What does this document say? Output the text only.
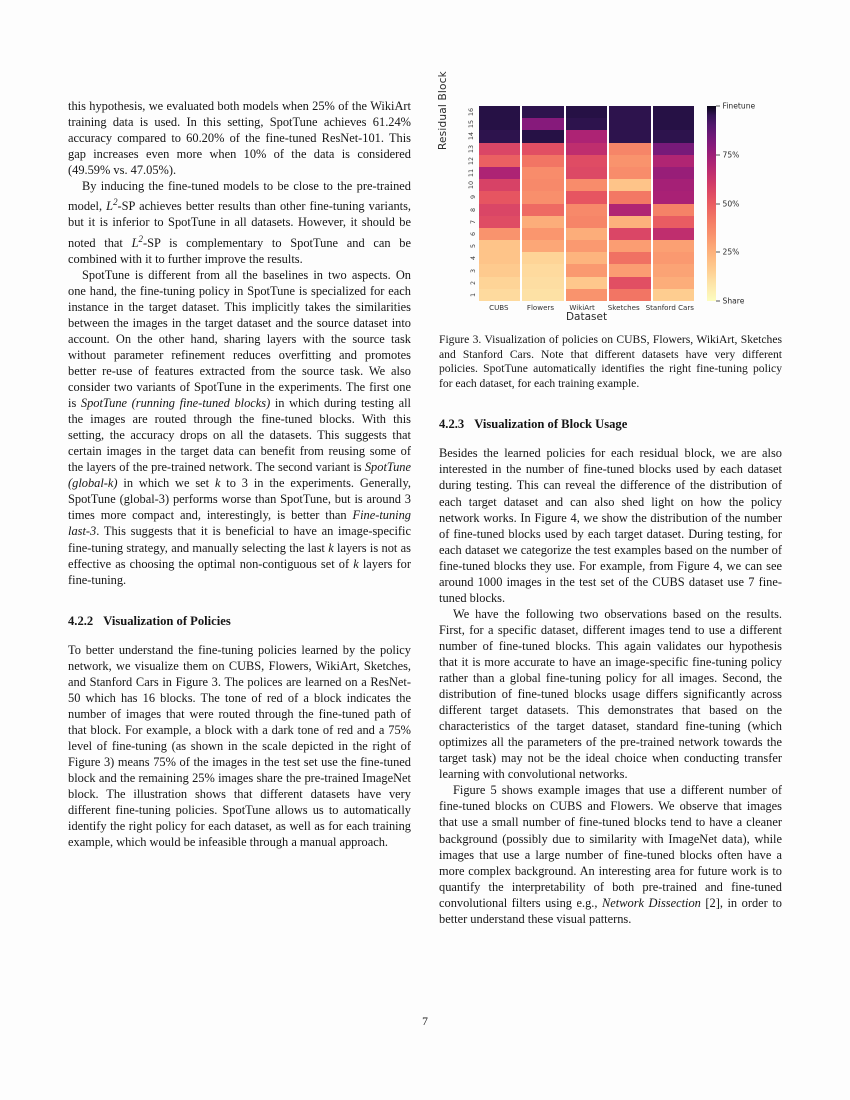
this hypothesis, we evaluated both models when 25% of the WikiArt training data is used. In this setting, SpotTune achieves 61.24% accuracy compared to 60.20% of the fine-tuned ResNet-101. This gap increases even more when 10% of the data is considered (49.59% vs. 47.05%).

By inducing the fine-tuned models to be close to the pre-trained model, $L^2-SP$ achieves better results than other fine-tuning variants, but it is inferior to SpotTune in all datasets. However, it should be noted that $L^2-SP$ is complementary to SpotTune and can be combined with it to further improve the results.

SpotTune is different from all the baselines in two aspects. On one hand, the fine-tuning policy in SpotTune is specialized for each instance in the target dataset. This implicitly takes the similarities between the images in the target dataset and the source dataset into account. On the other hand, sharing layers with the source task without parameter refinement reduces overfitting and promotes better re-use of features extracted from the source task. We also consider two variants of SpotTune in the experiments. The first one is SpotTune (running fine-tuned blocks) in which during testing all the images are routed through the fine-tuned blocks. With this setting, the accuracy drops on all the datasets. This suggests that certain images in the target data can benefit from reusing some of the layers of the pre-trained network. The second variant is SpotTune (global-k) in which we set k to 3 in the experiments. Generally, SpotTune (global-3) performs worse than SpotTune, but is around 3 times more compact and, interestingly, is better than Fine-tuning last-3. This suggests that it is beneficial to have an image-specific fine-tuning strategy, and manually selecting the last k layers is not as effective as choosing the optimal non-contiguous set of k layers for fine-tuning.

4.2.2 Visualization of Policies

To better understand the fine-tuning policies learned by the policy network, we visualize them on CUBS, Flowers, WikiArt, Sketches, and Stanford Cars in Figure 3. The polices are learned on a ResNet-50 which has 16 blocks. The tone of red of a block indicates the number of images that were routed through the fine-tuned path of that block. For example, a block with a dark tone of red and a 75% level of fine-tuning (as shown in the scale depicted in the right of Figure 3) means 75% of the images in the test set use the fine-tuned block and the remaining 25% images share the pre-trained ImageNet block. The illustration shows that different datasets have very different fine-tuning policies. SpotTune allows us to automatically identify the right policy for each dataset, as well as for each training example, which would be infeasible through a manual approach.

Residual Block
1
2
3
4
5
6
7
8
9
10
11
12
13
14
15
16
CUBS	Flowers	WikiArt	Sketches Stanford Cars
Dataset
Share
25%
50%
75%
Finetune

Figure 3. Visualization of policies on CUBS, Flowers, WikiArt, Sketches and Stanford Cars. Note that different datasets have very different policies. SpotTune automatically identifies the right fine-tuning policy for each dataset, for each training example.

4.2.3 Visualization of Block Usage

Besides the learned policies for each residual block, we are also interested in the number of fine-tuned blocks used by each dataset during testing. This can reveal the difference of the distribution of each target dataset and can also shed light on how the policy network works. In Figure 4, we show the distribution of the number of fine-tuned blocks used by each target dataset. During testing, for each dataset we categorize the test examples based on the number of fine-tuned blocks they use. For example, from Figure 4, we can see around 1000 images in the test set of the CUBS dataset use 7 fine-tuned blocks.

We have the following two observations based on the results. First, for a specific dataset, different images tend to use a different number of fine-tuned blocks. This again validates our hypothesis that it is more accurate to have an image-specific fine-tuning policy rather than a global fine-tuning policy for all images. Second, the distribution of fine-tuned blocks usage differs significantly across different target datasets. This demonstrates that based on the characteristics of the target dataset, standard fine-tuning (which optimizes all the parameters of the pre-trained network towards the target task) may not be the ideal choice when conducting transfer learning with convolutional networks.

Figure 5 shows example images that use a different number of fine-tuned blocks on CUBS and Flowers. We observe that images that use a small number of fine-tuned blocks tend to have a cleaner background (possibly due to similarity with ImageNet data), while images that use a large number of fine-tuned blocks often have a more complex background. An interesting area for future work is to quantify the interpretability of both pre-trained and fine-tuned convolutional filters using e.g., Network Dissection [2], in order to better understand these visual patterns.

7
